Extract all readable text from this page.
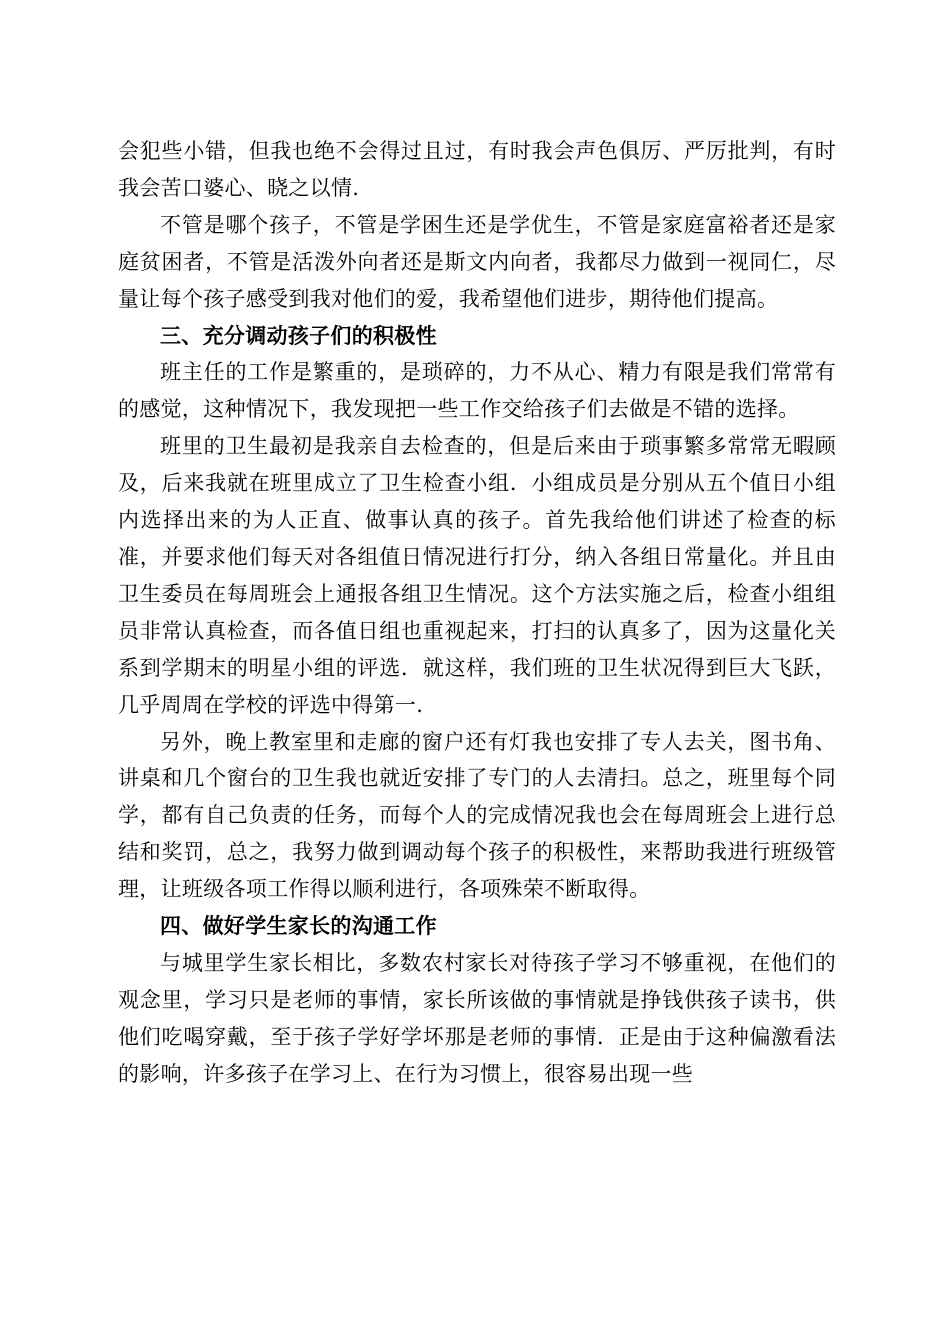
会犯些小错，但我也绝不会得过且过，有时我会声色俱厉、严厉批判，有时我会苦口婆心、晓之以情.

不管是哪个孩子，不管是学困生还是学优生，不管是家庭富裕者还是家庭贫困者，不管是活泼外向者还是斯文内向者，我都尽力做到一视同仁，尽量让每个孩子感受到我对他们的爱，我希望他们进步，期待他们提高。

三、充分调动孩子们的积极性

班主任的工作是繁重的，是琐碎的，力不从心、精力有限是我们常常有的感觉，这种情况下，我发现把一些工作交给孩子们去做是不错的选择。

班里的卫生最初是我亲自去检查的，但是后来由于琐事繁多常常无暇顾及，后来我就在班里成立了卫生检查小组．小组成员是分别从五个值日小组内选择出来的为人正直、做事认真的孩子。首先我给他们讲述了检查的标准，并要求他们每天对各组值日情况进行打分，纳入各组日常量化。并且由卫生委员在每周班会上通报各组卫生情况。这个方法实施之后，检查小组组员非常认真检查，而各值日组也重视起来，打扫的认真多了，因为这量化关系到学期末的明星小组的评选．就这样，我们班的卫生状况得到巨大飞跃，几乎周周在学校的评选中得第一.

另外，晚上教室里和走廊的窗户还有灯我也安排了专人去关，图书角、讲桌和几个窗台的卫生我也就近安排了专门的人去清扫。总之，班里每个同学，都有自己负责的任务，而每个人的完成情况我也会在每周班会上进行总结和奖罚，总之，我努力做到调动每个孩子的积极性，来帮助我进行班级管理，让班级各项工作得以顺利进行，各项殊荣不断取得。

四、做好学生家长的沟通工作

与城里学生家长相比，多数农村家长对待孩子学习不够重视，在他们的观念里，学习只是老师的事情，家长所该做的事情就是挣钱供孩子读书，供他们吃喝穿戴，至于孩子学好学坏那是老师的事情．正是由于这种偏激看法的影响，许多孩子在学习上、在行为习惯上，很容易出现一些
